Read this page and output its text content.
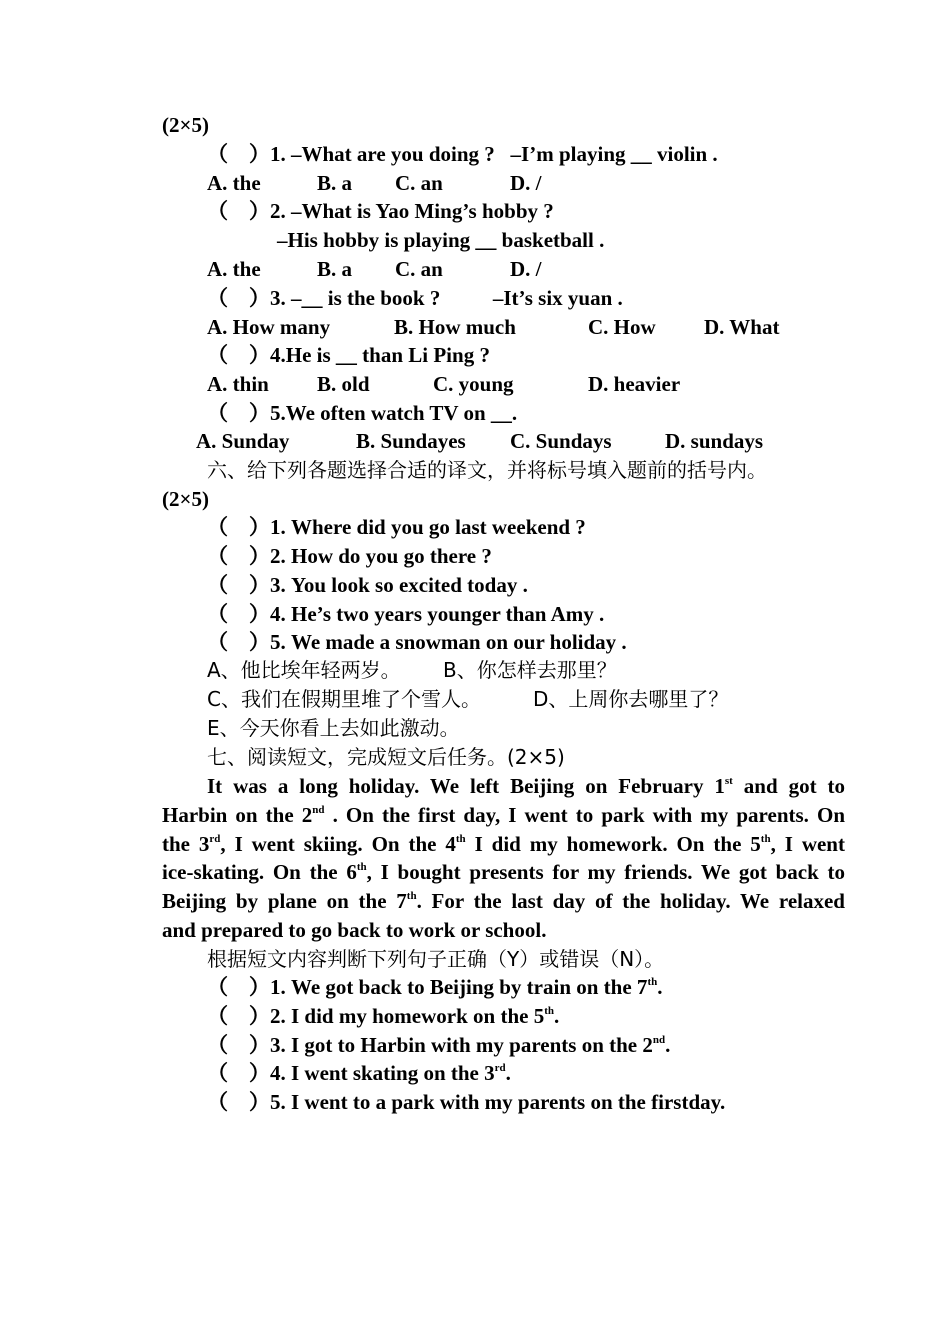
(2×5)
（    ）1. –What are you doing ?   –I’m playing __ violin .
A. the	B. a C. an	D. /
（    ）2. –What is Yao Ming’s hobby ?
–His hobby is playing __ basketball .
A. the	B. a C. an	D. /
（    ）3. –__ is the book ?          –It’s six yuan .
A. How many	B. How much	C. How D. What
（    ）4.He is __ than Li Ping ?
A. thin B. old	C. young	D. heavier
（    ）5.We often watch TV on __.
A. Sunday	B. Sundayes C. Sundays	D. sundays
六、给下列各题选择合适的译文，并将标号填入题前的括号内。
(2×5)
（    ）1. Where did you go last weekend ?
（    ）2. How do you go there ?
（    ）3. You look so excited today .
（    ）4. He’s two years younger than Amy .
（    ）5. We made a snowman on our holiday .
A、他比埃年轻两岁。 B、你怎样去那里？
C、我们在假期里堆了个雪人。	D、上周你去哪里了？
E、今天你看上去如此激动。
七、阅读短文，完成短文后任务。(2×5)
It was a long holiday. We left Beijing on February 1st and got to
Harbin on the 2nd . On the first day, I went to park with my parents. On
the 3rd, I went skiing. On the 4th I did my homework. On the 5th, I went
ice-skating. On the 6th, I bought presents for my friends. We got back to
Beijing by plane on the 7th. For the last day of the holiday. We relaxed
and prepared to go back to work or school.
根据短文内容判断下列句子正确（Y）或错误（N）。
（    ）1. We got back to Beijing by train on the 7th.
（    ）2. I did my homework on the 5th.
（    ）3. I got to Harbin with my parents on the 2nd.
（    ）4. I went skating on the 3rd.
（    ）5. I went to a park with my parents on the firstday.
